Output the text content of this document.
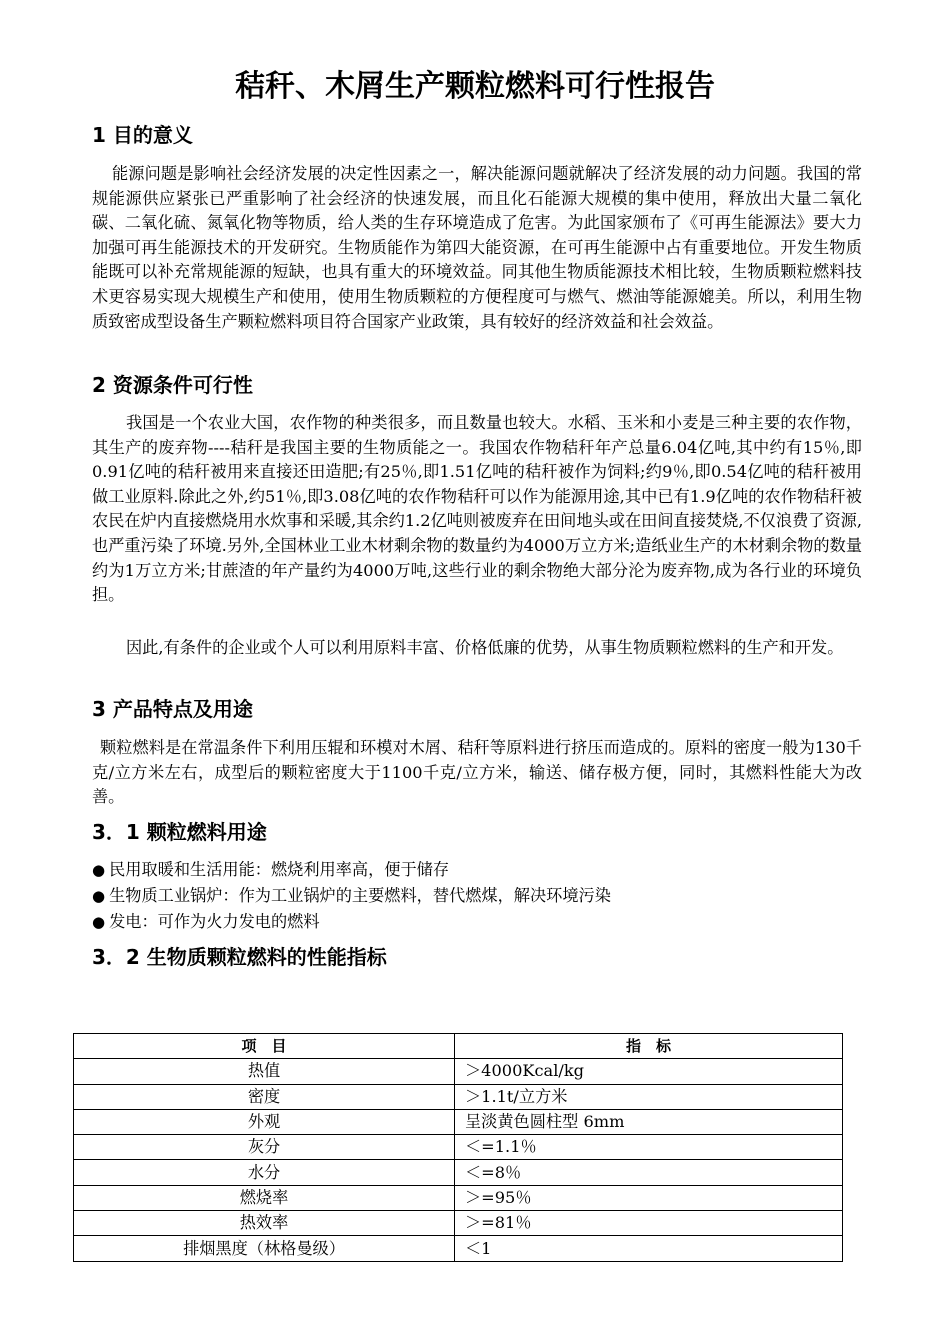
秸秆、木屑生产颗粒燃料可行性报告
1 目的意义

能源问题是影响社会经济发展的决定性因素之一，解决能源问题就解决了经济发展的动力问题。我国的常规能源供应紧张已严重影响了社会经济的快速发展，而且化石能源大规模的集中使用，释放出大量二氧化碳、二氧化硫、氮氧化物等物质，给人类的生存环境造成了危害。为此国家颁布了《可再生能源法》要大力加强可再生能源技术的开发研究。生物质能作为第四大能资源，在可再生能源中占有重要地位。开发生物质能既可以补充常规能源的短缺，也具有重大的环境效益。同其他生物质能源技术相比较，生物质颗粒燃料技术更容易实现大规模生产和使用，使用生物质颗粒的方便程度可与燃气、燃油等能源媲美。所以，利用生物质致密成型设备生产颗粒燃料项目符合国家产业政策，具有较好的经济效益和社会效益。

2 资源条件可行性

我国是一个农业大国，农作物的种类很多，而且数量也较大。水稻、玉米和小麦是三种主要的农作物，其生产的废弃物----秸秆是我国主要的生物质能之一。我国农作物秸秆年产总量6.04亿吨,其中约有15％,即0.91亿吨的秸秆被用来直接还田造肥;有25％,即1.51亿吨的秸秆被作为饲料;约9％,即0.54亿吨的秸秆被用做工业原料.除此之外,约51％,即3.08亿吨的农作物秸秆可以作为能源用途,其中已有1.9亿吨的农作物秸秆被农民在炉内直接燃烧用水炊事和采暖,其余约1.2亿吨则被废弃在田间地头或在田间直接焚烧,不仅浪费了资源,也严重污染了环境.另外,全国林业工业木材剩余物的数量约为4000万立方米;造纸业生产的木材剩余物的数量约为1万立方米;甘蔗渣的年产量约为4000万吨,这些行业的剩余物绝大部分沦为废弃物,成为各行业的环境负担。

因此,有条件的企业或个人可以利用原料丰富、价格低廉的优势，从事生物质颗粒燃料的生产和开发。

3 产品特点及用途

颗粒燃料是在常温条件下利用压辊和环模对木屑、秸秆等原料进行挤压而造成的。原料的密度一般为130千克/立方米左右，成型后的颗粒密度大于1100千克/立方米，输送、储存极方便，同时，其燃料性能大为改善。

3．1 颗粒燃料用途
● 民用取暖和生活用能：燃烧利用率高，便于储存
● 生物质工业锅炉：作为工业锅炉的主要燃料，替代燃煤，解决环境污染
● 发电：可作为火力发电的燃料
3．2 生物质颗粒燃料的性能指标
项　目	指　标
热值	＞4000Kcal/kg
密度	＞1.1t/立方米
外观	呈淡黄色圆柱型 6mm
灰分	＜=1.1％
水分	＜=8％
燃烧率	＞=95％
热效率	＞=81％
排烟黑度（林格曼级）	＜1
